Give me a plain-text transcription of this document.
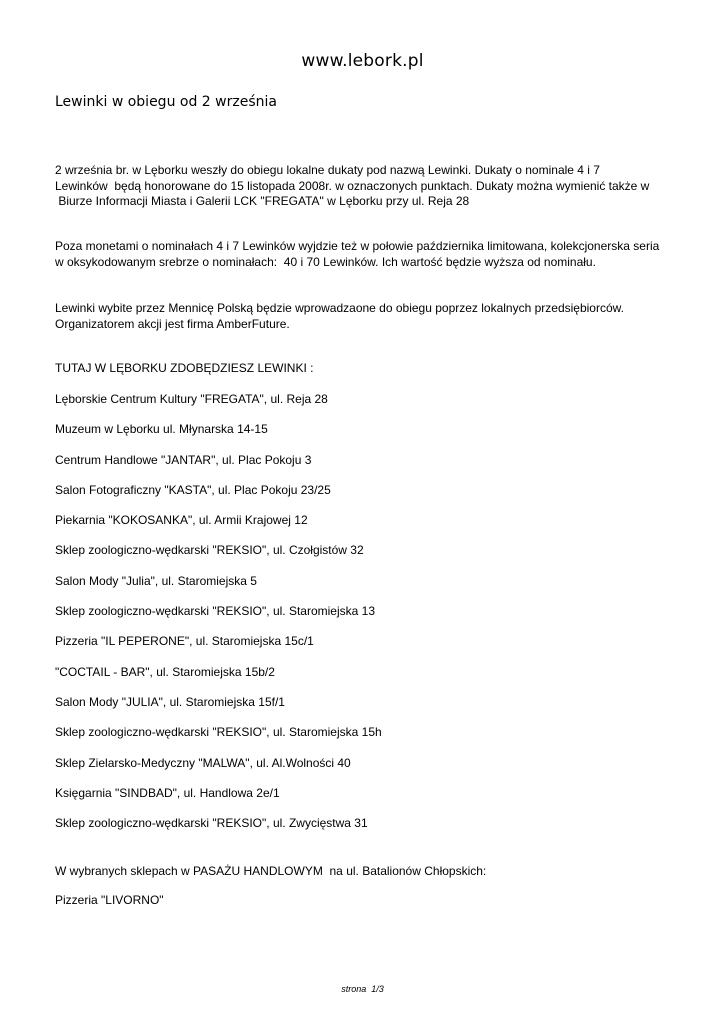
www.lebork.pl
Lewinki w obiegu od 2 września

2 września br. w Lęborku weszły do obiegu lokalne dukaty pod nazwą Lewinki. Dukaty o nominale 4 i 7
Lewinków  będą honorowane do 15 listopada 2008r. w oznaczonych punktach. Dukaty można wymienić także w
Biurze Informacji Miasta i Galerii LCK "FREGATA" w Lęborku przy ul. Reja 28

Poza monetami o nominałach 4 i 7 Lewinków wyjdzie też w połowie października limitowana, kolekcjonerska seria
w oksykodowanym srebrze o nominałach:  40 i 70 Lewinków. Ich wartość będzie wyższa od nominału.

Lewinki wybite przez Mennicę Polską będzie wprowadzaone do obiegu poprzez lokalnych przedsiębiorców.
Organizatorem akcji jest firma AmberFuture.

TUTAJ W LĘBORKU ZDOBĘDZIESZ LEWINKI :
Lęborskie Centrum Kultury "FREGATA", ul. Reja 28
Muzeum w Lęborku ul. Młynarska 14-15
Centrum Handlowe "JANTAR", ul. Plac Pokoju 3
Salon Fotograficzny "KASTA", ul. Plac Pokoju 23/25
Piekarnia "KOKOSANKA", ul. Armii Krajowej 12
Sklep zoologiczno-wędkarski "REKSIO", ul. Czołgistów 32
Salon Mody "Julia", ul. Staromiejska 5
Sklep zoologiczno-wędkarski "REKSIO", ul. Staromiejska 13
Pizzeria "IL PEPERONE", ul. Staromiejska 15c/1
"COCTAIL - BAR", ul. Staromiejska 15b/2
Salon Mody "JULIA", ul. Staromiejska 15f/1
Sklep zoologiczno-wędkarski "REKSIO", ul. Staromiejska 15h
Sklep Zielarsko-Medyczny "MALWA", ul. Al.Wolności 40
Księgarnia "SINDBAD", ul. Handlowa 2e/1
Sklep zoologiczno-wędkarski "REKSIO", ul. Zwycięstwa 31
W wybranych sklepach w PASAŻU HANDLOWYM  na ul. Batalionów Chłopskich:
Pizzeria "LIVORNO"
strona  1/3
